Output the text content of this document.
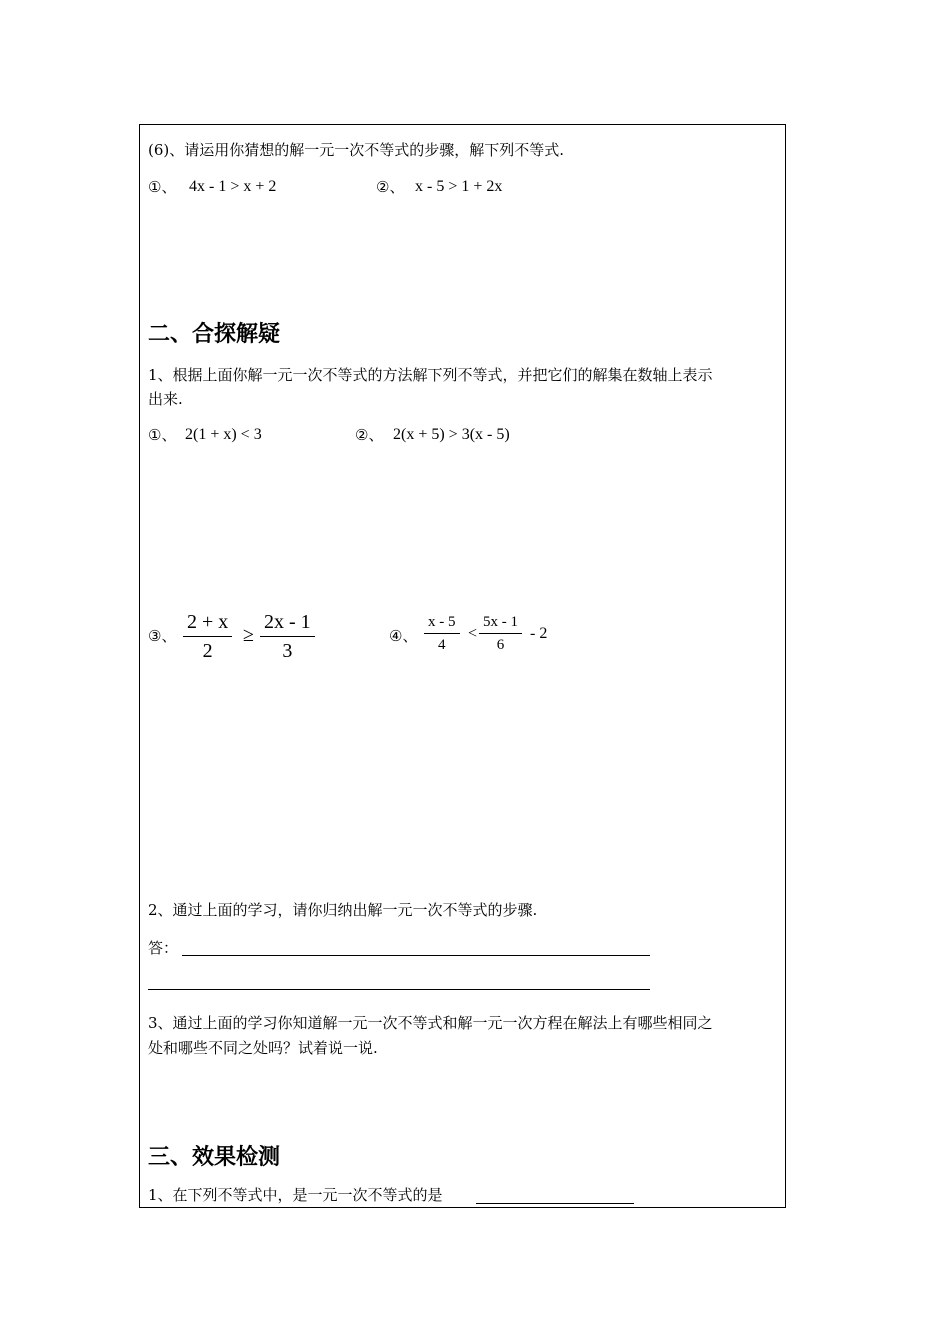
(6)、请运用你猜想的解一元一次不等式的步骤，解下列不等式.
①、 4x - 1 > x + 2	②、 x - 5 > 1 + 2x
二、合探解疑
1、根据上面你解一元一次不等式的方法解下列不等式，并把它们的解集在数轴上表示
出来.
①、 2(1 + x) < 3	②、 2(x + 5) > 3(x - 5)
③、 $\frac{2 + x}{2} \ge \frac{2x - 1}{3}$	④、 $\frac{x - 5}{4} < \frac{5x - 1}{6} - 2$
2、通过上面的学习，请你归纳出解一元一次不等式的步骤.
答：
3、通过上面的学习你知道解一元一次不等式和解一元一次方程在解法上有哪些相同之
处和哪些不同之处吗？试着说一说.
三、效果检测
1、在下列不等式中，是一元一次不等式的是
